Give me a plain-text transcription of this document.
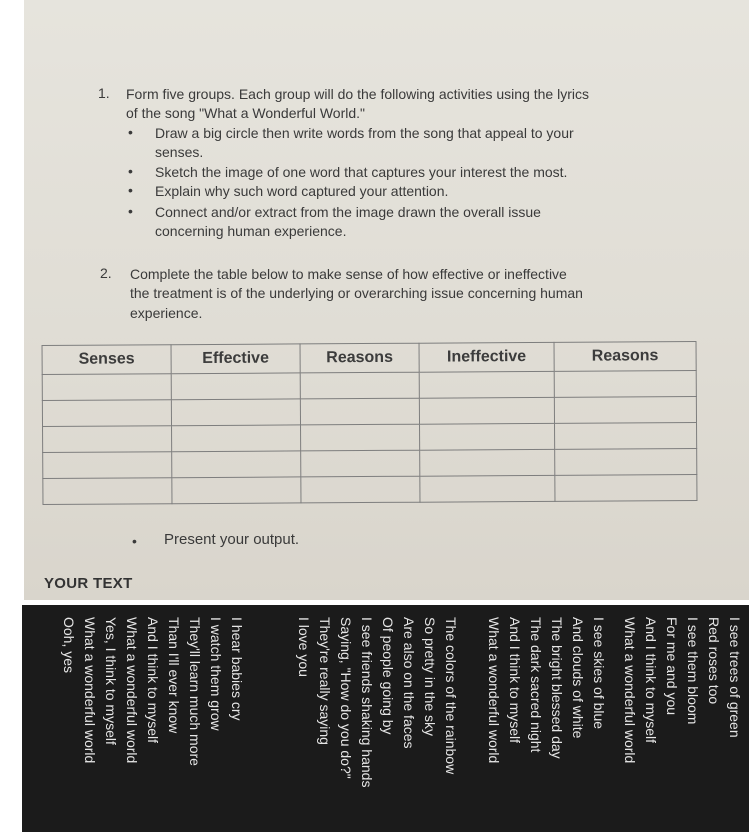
1. Form five groups. Each group will do the following activities using the lyrics
of the song "What a Wonderful World."
• Draw a big circle then write words from the song that appeal to your
senses.
• Sketch the image of one word that captures your interest the most.
• Explain why such word captured your attention.
• Connect and/or extract from the image drawn the overall issue
concerning human experience.
2. Complete the table below to make sense of how effective or ineffective
the treatment is of the underlying or overarching issue concerning human
experience.
Senses	Effective	Reasons	Ineffective	Reasons

• Present your output.
YOUR TEXT
I see trees of green
Red roses too
I see them bloom
For me and you
And I think to myself
What a wonderful world
I see skies of blue
And clouds of white
The bright blessed day
The dark sacred night
And I think to myself
What a wonderful world
The colors of the rainbow
So pretty in the sky
Are also on the faces
Of people going by
I see friends shaking hands
Saying, "How do you do?"
They're really saying
I love you
I hear babies cry
I watch them grow
They'll learn much more
Than I'll ever know
And I think to myself
What a wonderful world
Yes, I think to myself
What a wonderful world
Ooh, yes
